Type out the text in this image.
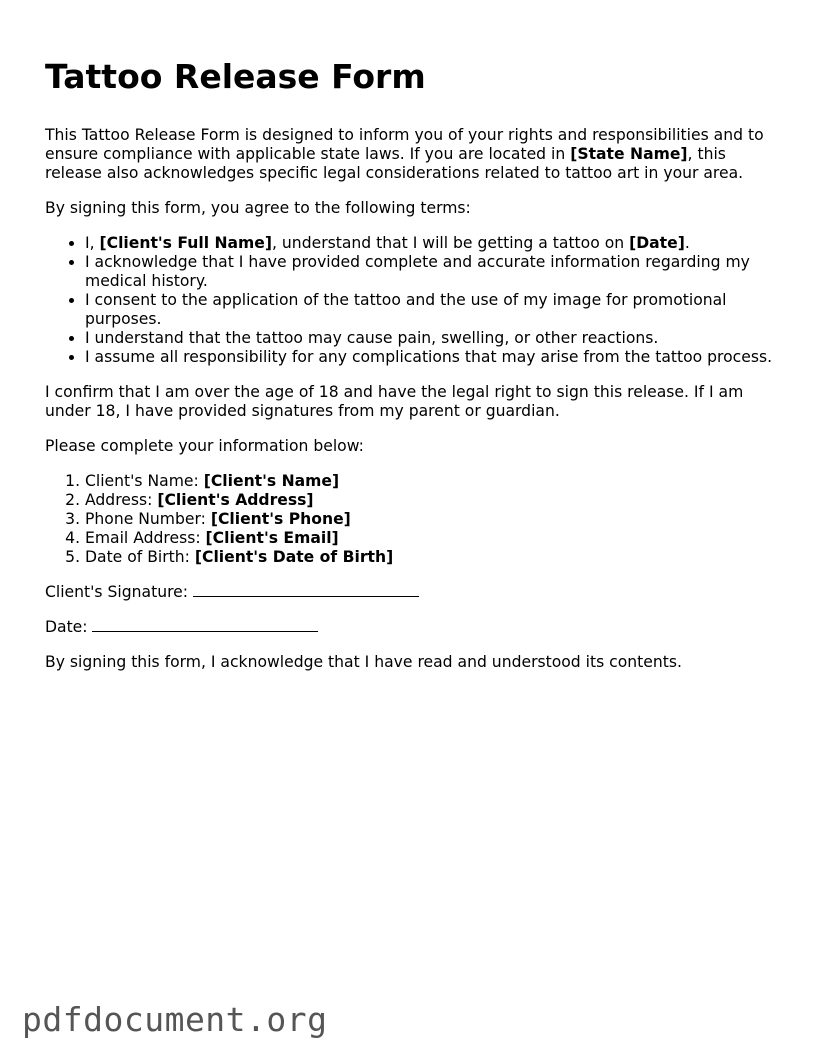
Tattoo Release Form

This Tattoo Release Form is designed to inform you of your rights and responsibilities and to ensure compliance with applicable state laws. If you are located in [State Name], this release also acknowledges specific legal considerations related to tattoo art in your area.

By signing this form, you agree to the following terms:

• I, [Client's Full Name], understand that I will be getting a tattoo on [Date].
• I acknowledge that I have provided complete and accurate information regarding my medical history.
• I consent to the application of the tattoo and the use of my image for promotional purposes.
• I understand that the tattoo may cause pain, swelling, or other reactions.
• I assume all responsibility for any complications that may arise from the tattoo process.

I confirm that I am over the age of 18 and have the legal right to sign this release. If I am under 18, I have provided signatures from my parent or guardian.

Please complete your information below:

1. Client's Name: [Client's Name]
2. Address: [Client's Address]
3. Phone Number: [Client's Phone]
4. Email Address: [Client's Email]
5. Date of Birth: [Client's Date of Birth]

Client's Signature:

Date:

By signing this form, I acknowledge that I have read and understood its contents.

pdfdocument.org
